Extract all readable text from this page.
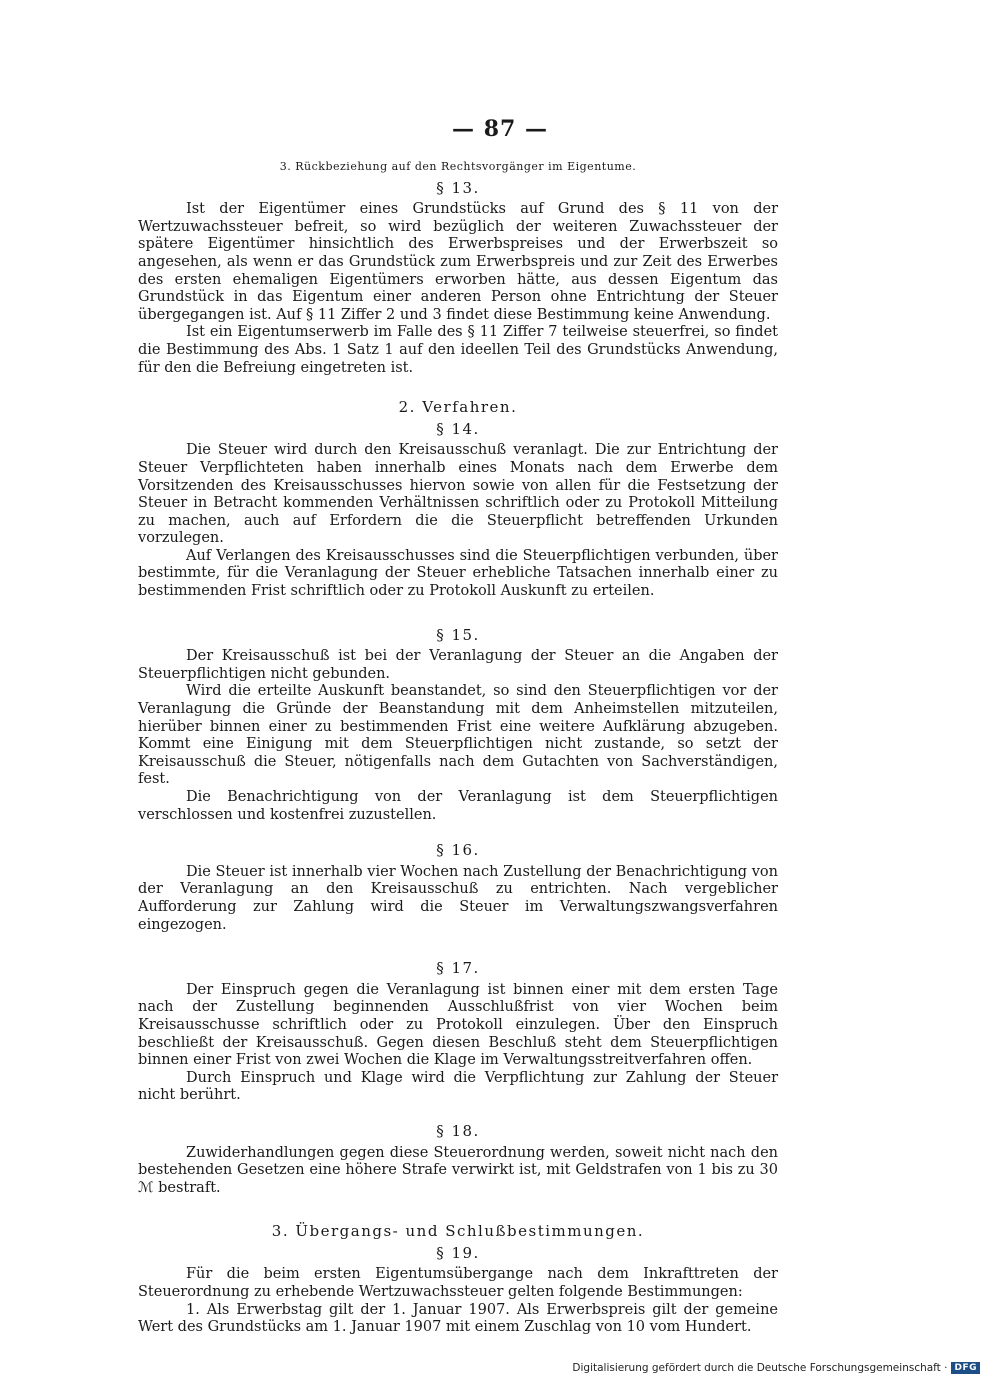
— 87 —
3. Rückbeziehung auf den Rechtsvorgänger im Eigentume.
§ 13.

Ist der Eigentümer eines Grundstücks auf Grund des § 11 von der Wertzuwachssteuer befreit, so wird bezüglich der weiteren Zuwachssteuer der spätere Eigentümer hinsichtlich des Erwerbspreises und der Erwerbszeit so angesehen, als wenn er das Grundstück zum Erwerbspreis und zur Zeit des Erwerbes des ersten ehemaligen Eigentümers erworben hätte, aus dessen Eigentum das Grundstück in das Eigentum einer anderen Person ohne Entrichtung der Steuer übergegangen ist. Auf § 11 Ziffer 2 und 3 findet diese Bestimmung keine Anwendung.

Ist ein Eigentumserwerb im Falle des § 11 Ziffer 7 teilweise steuerfrei, so findet die Bestimmung des Abs. 1 Satz 1 auf den ideellen Teil des Grundstücks Anwendung, für den die Befreiung eingetreten ist.

2. Verfahren.
§ 14.

Die Steuer wird durch den Kreisausschuß veranlagt. Die zur Entrichtung der Steuer Verpflichteten haben innerhalb eines Monats nach dem Erwerbe dem Vorsitzenden des Kreisausschusses hiervon sowie von allen für die Festsetzung der Steuer in Betracht kommenden Verhältnissen schriftlich oder zu Protokoll Mitteilung zu machen, auch auf Erfordern die die Steuerpflicht betreffenden Urkunden vorzulegen.

Auf Verlangen des Kreisausschusses sind die Steuerpflichtigen verbunden, über bestimmte, für die Veranlagung der Steuer erhebliche Tatsachen innerhalb einer zu bestimmenden Frist schriftlich oder zu Protokoll Auskunft zu erteilen.

§ 15.

Der Kreisausschuß ist bei der Veranlagung der Steuer an die Angaben der Steuerpflichtigen nicht gebunden.

Wird die erteilte Auskunft beanstandet, so sind den Steuerpflichtigen vor der Veranlagung die Gründe der Beanstandung mit dem Anheimstellen mitzuteilen, hierüber binnen einer zu bestimmenden Frist eine weitere Aufklärung abzugeben. Kommt eine Einigung mit dem Steuerpflichtigen nicht zustande, so setzt der Kreisausschuß die Steuer, nötigenfalls nach dem Gutachten von Sachverständigen, fest.

Die Benachrichtigung von der Veranlagung ist dem Steuerpflichtigen verschlossen und kostenfrei zuzustellen.

§ 16.

Die Steuer ist innerhalb vier Wochen nach Zustellung der Benachrichtigung von der Veranlagung an den Kreisausschuß zu entrichten. Nach vergeblicher Aufforderung zur Zahlung wird die Steuer im Verwaltungszwangsverfahren eingezogen.

§ 17.

Der Einspruch gegen die Veranlagung ist binnen einer mit dem ersten Tage nach der Zustellung beginnenden Ausschlußfrist von vier Wochen beim Kreisausschusse schriftlich oder zu Protokoll einzulegen. Über den Einspruch beschließt der Kreisausschuß. Gegen diesen Beschluß steht dem Steuerpflichtigen binnen einer Frist von zwei Wochen die Klage im Verwaltungsstreitverfahren offen.

Durch Einspruch und Klage wird die Verpflichtung zur Zahlung der Steuer nicht berührt.

§ 18.

Zuwiderhandlungen gegen diese Steuerordnung werden, soweit nicht nach den bestehenden Gesetzen eine höhere Strafe verwirkt ist, mit Geldstrafen von 1 bis zu 30 ℳ bestraft.

3. Übergangs- und Schlußbestimmungen.
§ 19.

Für die beim ersten Eigentumsübergange nach dem Inkrafttreten der Steuerordnung zu erhebende Wertzuwachssteuer gelten folgende Bestimmungen:

1. Als Erwerbstag gilt der 1. Januar 1907. Als Erwerbspreis gilt der gemeine Wert des Grundstücks am 1. Januar 1907 mit einem Zuschlag von 10 vom Hundert.

Digitalisierung gefördert durch die Deutsche Forschungsgemeinschaft · DFG
